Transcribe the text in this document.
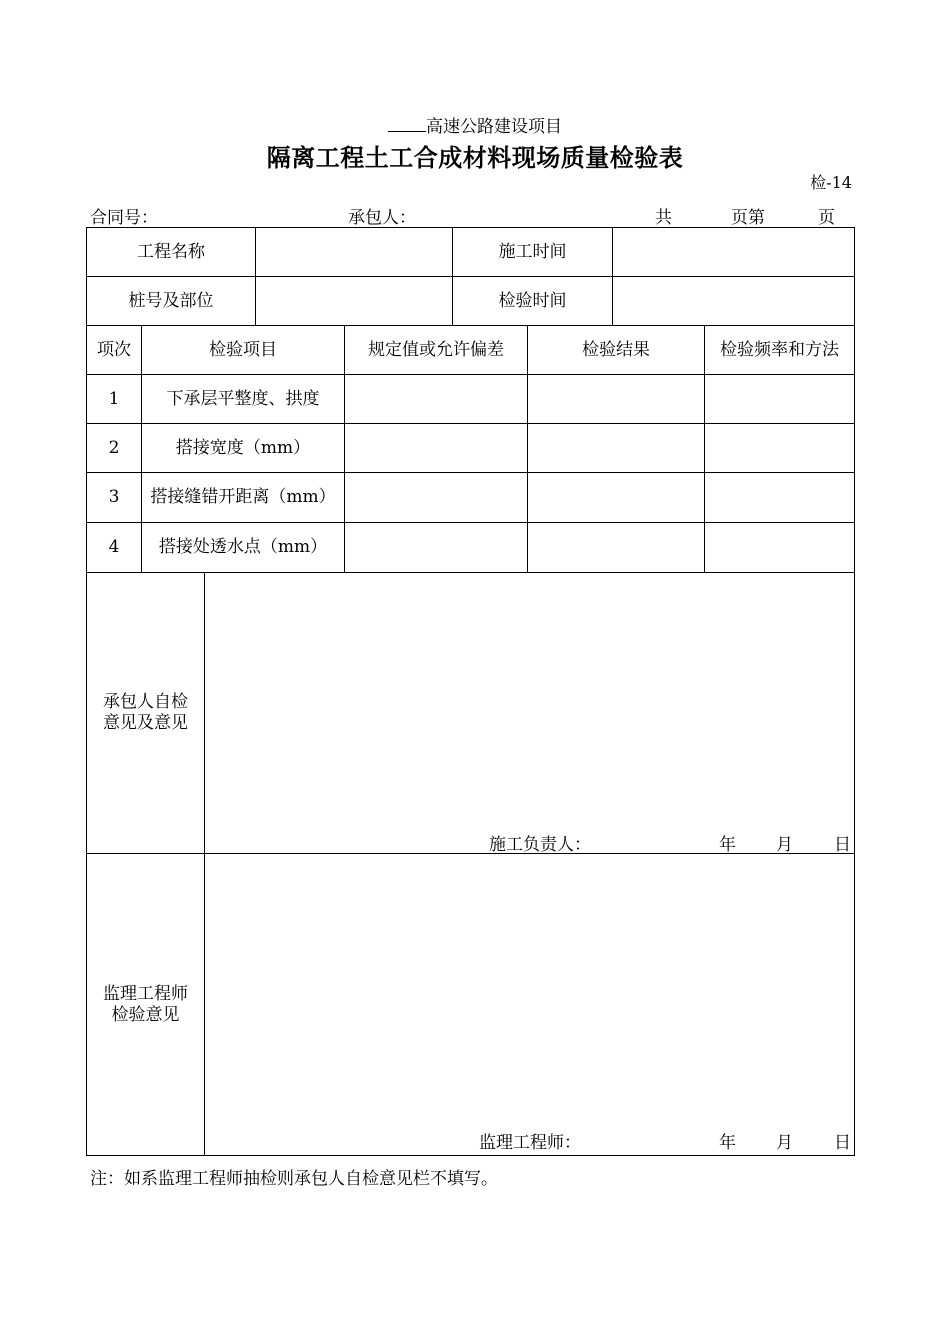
高速公路建设项目
隔离工程土工合成材料现场质量检验表
检-14
合同号：	承包人：	共	页第	页
工程名称	施工时间
桩号及部位	检验时间
项次	检验项目	规定值或允许偏差	检验结果	检验频率和方法
1	下承层平整度、拱度
2	搭接宽度（mm）
3	搭接缝错开距离（mm）
4	搭接处透水点（mm）
承包人自检
意见及意见
施工负责人：	年 月 日
监理工程师
检验意见
监理工程师：	年 月 日
注：如系监理工程师抽检则承包人自检意见栏不填写。
